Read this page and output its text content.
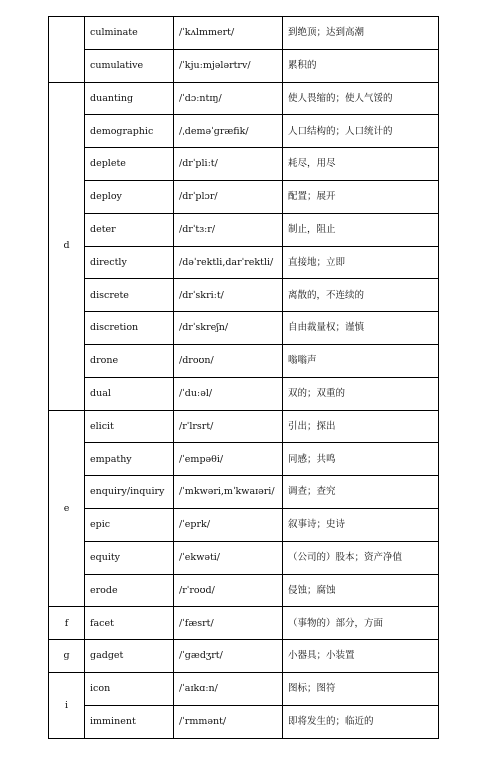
	culminate	/ˈkʌlmmert/	到绝顶；达到高潮
	cumulative	/ˈkjuːmjələrtrv/	累积的
d	duanting	/ˈdɔːntɪŋ/	使人畏缩的；使人气馁的
	demographic	/ˌdeməˈgræfik/	人口结构的；人口统计的
	deplete	/drˈpliːt/	耗尽，用尽
	deploy	/drˈplɔr/	配置；展开
	deter	/drˈtɜːr/	制止，阻止
	directly	/dəˈrektli,darˈrektli/	直接地；立即
	discrete	/drˈskriːt/	离散的，不连续的
	discretion	/drˈskreʃn/	自由裁量权；谨慎
	drone	/droʊn/	嗡嗡声
	dual	/ˈduːəl/	双的；双重的
e	elicit	/rˈlrsrt/	引出；探出
	empathy	/ˈempəθi/	同感；共鸣
	enquiry/inquiry	/ˈmkwəri,mˈkwaɪəri/	调查；查究
	epic	/ˈeprk/	叙事诗；史诗
	equity	/ˈekwəti/	（公司的）股本；资产净值
	erode	/rˈroʊd/	侵蚀；腐蚀
f	facet	/ˈfæsrt/	（事物的）部分，方面
g	gadget	/ˈgædʒrt/	小器具；小装置
i	icon	/ˈaɪkɑːn/	图标；图符
	imminent	/ˈrmmənt/	即将发生的；临近的
